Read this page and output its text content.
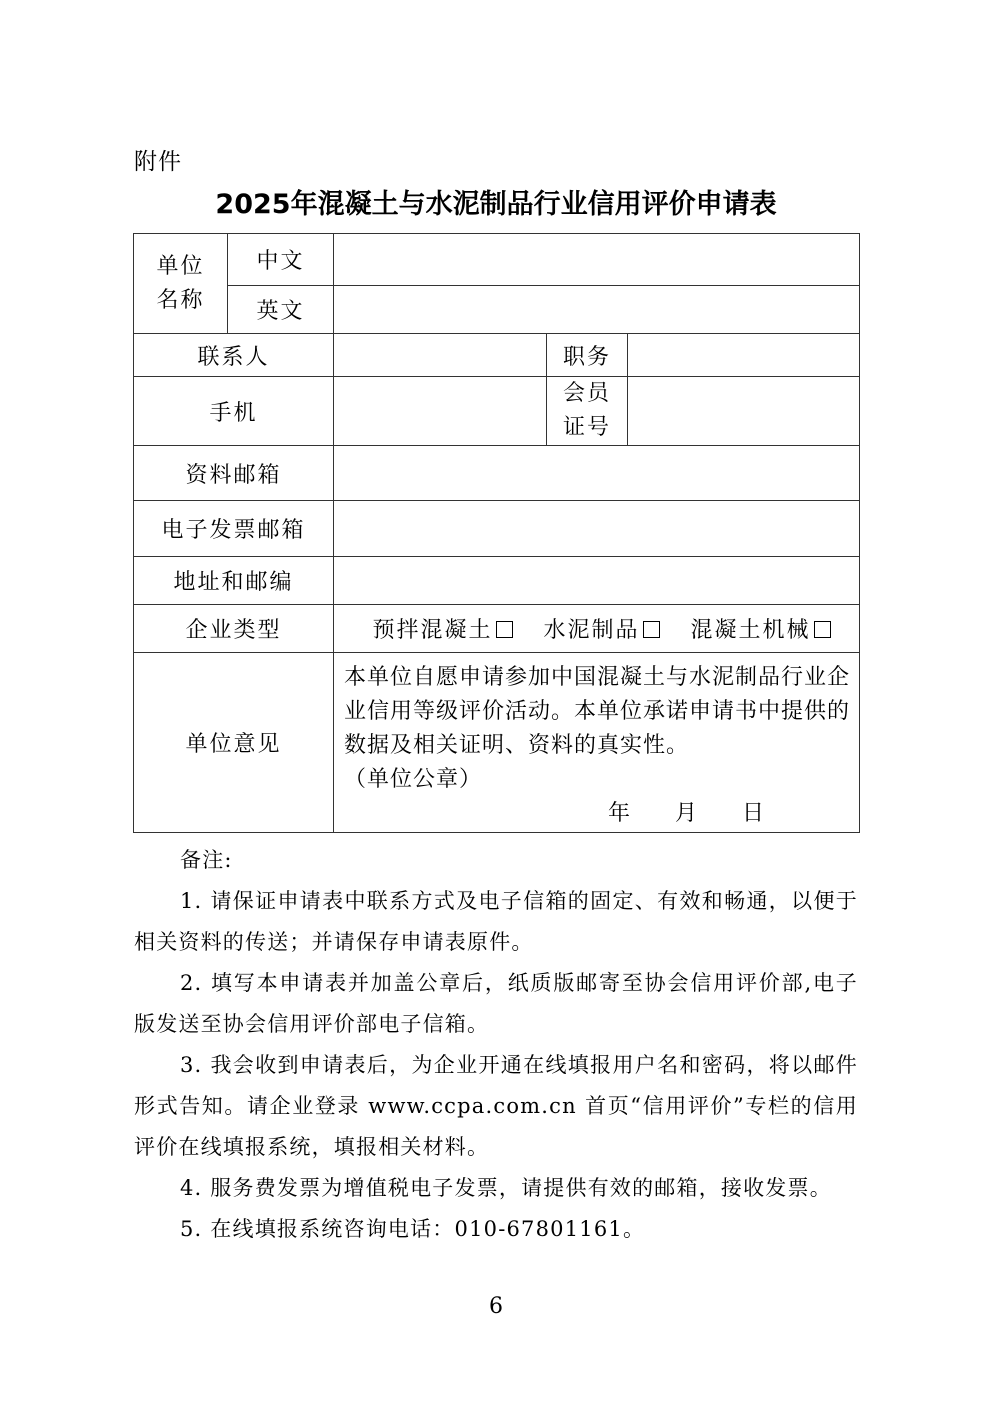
附件
2025年混凝土与水泥制品行业信用评价申请表
单位
名称	中文			
	英文			
联系人			职务	
手机			会员
证号	
资料邮箱				
电子发票邮箱				
地址和邮编				
企业类型		预拌混凝土 水泥制品 混凝土机械		
单位意见		本单位自愿申请参加中国混凝土与水泥制品行业企业信用等级评价活动。本单位承诺申请书中提供的数据及相关证明、资料的真实性。
（单位公章）
年 月 日		

备注:

1. 请保证申请表中联系方式及电子信箱的固定、有效和畅通，以便于相关资料的传送；并请保存申请表原件。

2. 填写本申请表并加盖公章后，纸质版邮寄至协会信用评价部,电子版发送至协会信用评价部电子信箱。

3. 我会收到申请表后，为企业开通在线填报用户名和密码，将以邮件形式告知。请企业登录 www.ccpa.com.cn 首页“信用评价”专栏的信用评价在线填报系统，填报相关材料。

4. 服务费发票为增值税电子发票，请提供有效的邮箱，接收发票。

5. 在线填报系统咨询电话：010-67801161。

6
